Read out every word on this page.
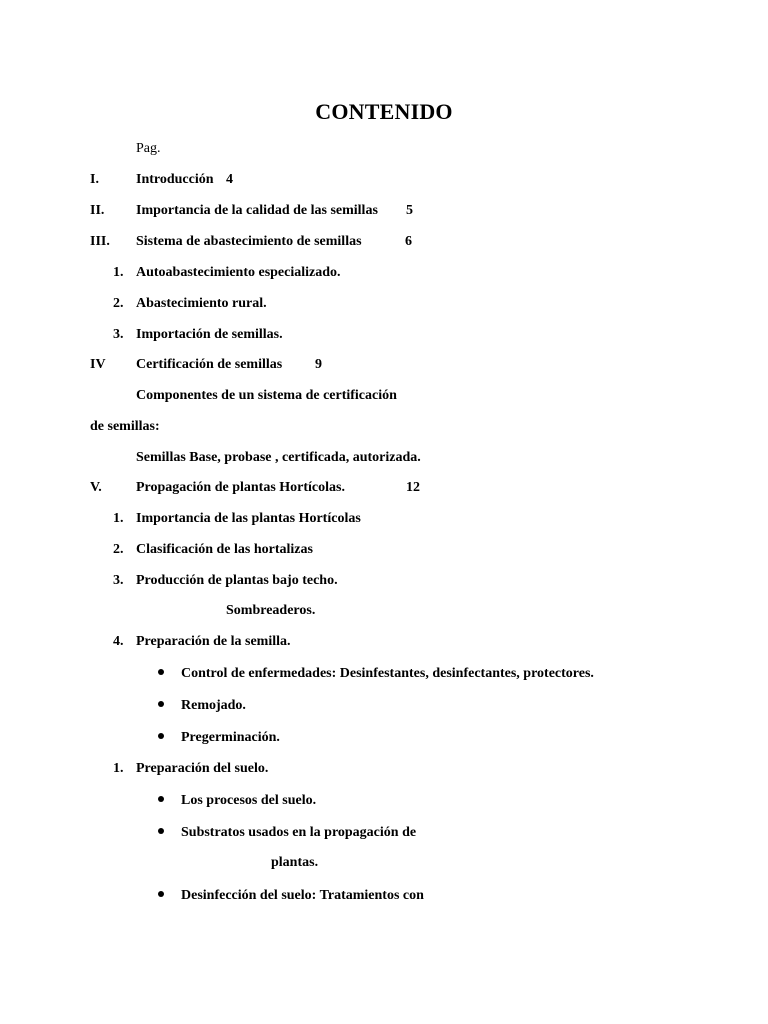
CONTENIDO
Pag.
I.	Introducción 4
II. Importancia de la calidad de las semillas 5
III. Sistema de abastecimiento de semillas	6
1. Autoabastecimiento especializado.
2. Abastecimiento rural.
3. Importación de semillas.
IV Certificación de semillas 9
Componentes de un sistema de certificación
de semillas:
Semillas Base, probase , certificada, autorizada.
V. Propagación de plantas Hortícolas.	12
1. Importancia de las plantas Hortícolas
2. Clasificación de las hortalizas
3. Producción de plantas bajo techo.
Sombreaderos.
4. Preparación de la semilla.
Control de enfermedades: Desinfestantes, desinfectantes, protectores.
Remojado.
Pregerminación.
1. Preparación del suelo.
Los procesos del suelo.
Substratos usados en la propagación de
plantas.
Desinfección del suelo: Tratamientos con
